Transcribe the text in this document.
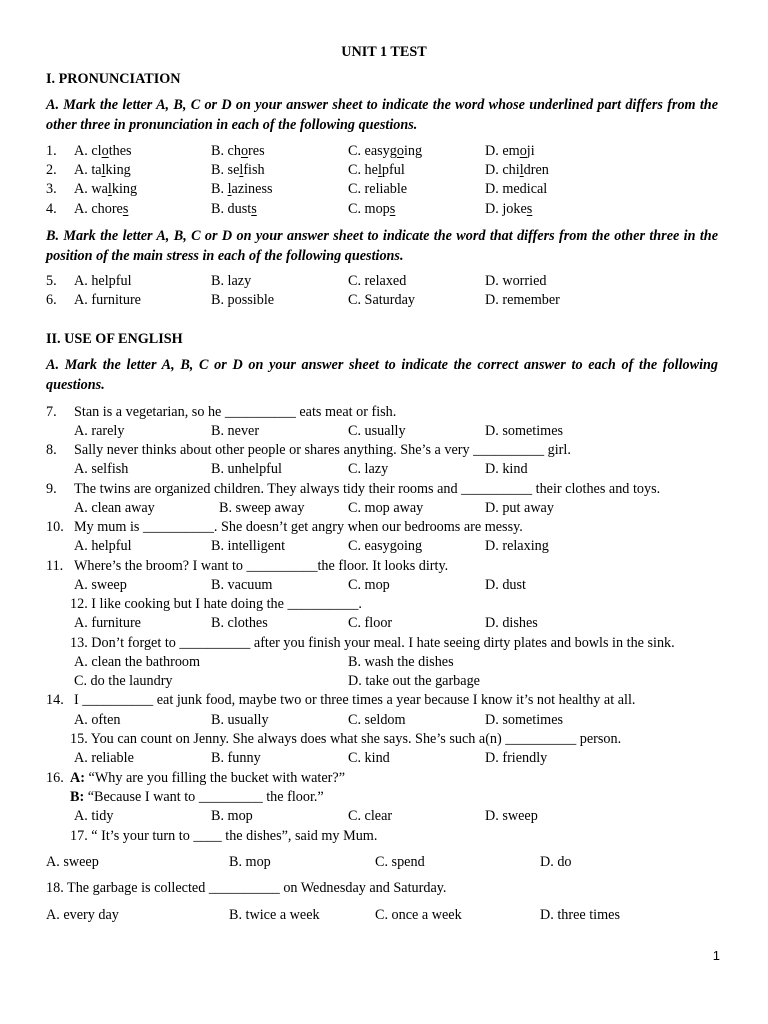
UNIT 1 TEST
I. PRONUNCIATION
A. Mark the letter A, B, C or D on your answer sheet to indicate the word whose underlined part differs from the other three in pronunciation in each of the following questions.
1. A. clothes	B. chores	C. easygoing	D. emoji
2. A. talking	B. selfish	C. helpful	D. children
3. A. walking	B. laziness	C. reliable	D. medical
4. A. chores	B. dusts	C. mops	D. jokes
B. Mark the letter A, B, C or D on your answer sheet to indicate the word that differs from the other three in the position of the main stress in each of the following questions.
5. A. helpful	B. lazy	C. relaxed	D. worried
6. A. furniture	B. possible	C. Saturday	D. remember
II. USE OF ENGLISH
A. Mark the letter A, B, C or D on your answer sheet to indicate the correct answer to each of the following questions.
7. Stan is a vegetarian, so he __________ eats meat or fish.
A. rarely	B. never	C. usually	D. sometimes
8. Sally never thinks about other people or shares anything. She’s a very __________ girl.
A. selfish	B. unhelpful	C. lazy	D. kind
9. The twins are organized children. They always tidy their rooms and __________ their clothes and toys.
A. clean away	B. sweep away	C. mop away	D. put away
10. My mum is __________. She doesn’t get angry when our bedrooms are messy.
A. helpful	B. intelligent	C. easygoing	D. relaxing
11. Where’s the broom? I want to __________the floor. It looks dirty.
A. sweep	B. vacuum	C. mop	D. dust
12. I like cooking but I hate doing the __________.
A. furniture	B. clothes	C. floor	D. dishes
13. Don’t forget to __________ after you finish your meal. I hate seeing dirty plates and bowls in the sink.
A. clean the bathroom	B. wash the dishes
C. do the laundry	D. take out the garbage
14. I __________ eat junk food, maybe two or three times a year because I know it’s not healthy at all.
A. often	B. usually	C. seldom	D. sometimes
15. You can count on Jenny. She always does what she says. She’s such a(n) __________ person.
A. reliable	B. funny	C. kind	D. friendly
16. A: “Why are you filling the bucket with water?”
B: “Because I want to _________ the floor.”
A. tidy	B. mop	C. clear	D. sweep
17. “ It’s your turn to ____ the dishes”, said my Mum.
A. sweep	B. mop	C. spend	D. do
18. The garbage is collected __________ on Wednesday and Saturday.
A. every day	B. twice a week	C. once a week	D. three times
1
